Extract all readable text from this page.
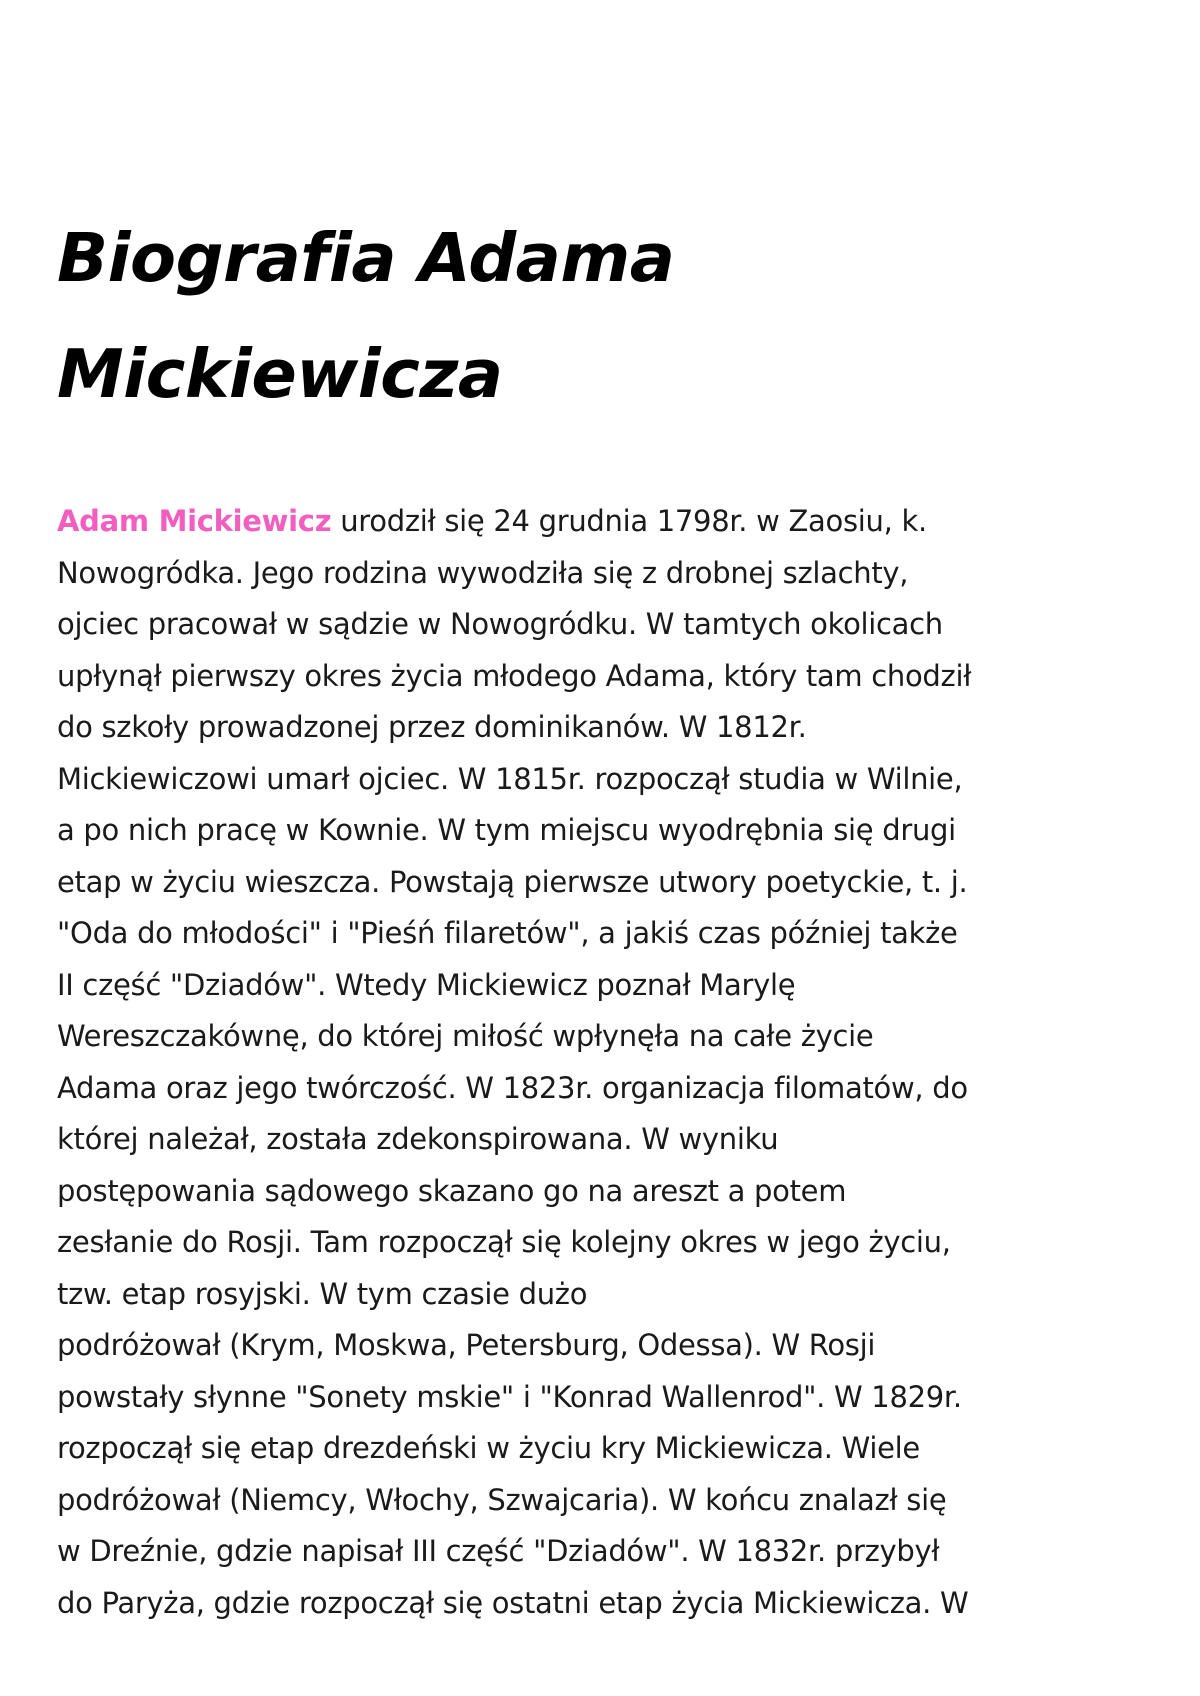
Biografia Adama
Mickiewicza
Adam Mickiewicz urodził się 24 grudnia 1798r. w Zaosiu, k.
Nowogródka. Jego rodzina wywodziła się z drobnej szlachty,
ojciec pracował w sądzie w Nowogródku. W tamtych okolicach
upłynął pierwszy okres życia młodego Adama, który tam chodził
do szkoły prowadzonej przez dominikanów. W 1812r.
Mickiewiczowi umarł ojciec. W 1815r. rozpoczął studia w Wilnie,
a po nich pracę w Kownie. W tym miejscu wyodrębnia się drugi
etap w życiu wieszcza. Powstają pierwsze utwory poetyckie, t. j.
"Oda do młodości" i "Pieśń filaretów", a jakiś czas później także
II część "Dziadów". Wtedy Mickiewicz poznał Marylę
Wereszczakównę, do której miłość wpłynęła na całe życie
Adama oraz jego twórczość. W 1823r. organizacja filomatów, do
której należał, została zdekonspirowana. W wyniku
postępowania sądowego skazano go na areszt a potem
zesłanie do Rosji. Tam rozpoczął się kolejny okres w jego życiu,
tzw. etap rosyjski. W tym czasie dużo
podróżował (Krym, Moskwa, Petersburg, Odessa). W Rosji
powstały słynne "Sonety mskie" i "Konrad Wallenrod". W 1829r.
rozpoczął się etap drezdeński w życiu kry Mickiewicza. Wiele
podróżował (Niemcy, Włochy, Szwajcaria). W końcu znalazł się
w Dreźnie, gdzie napisał III część "Dziadów". W 1832r. przybył
do Paryża, gdzie rozpoczął się ostatni etap życia Mickiewicza. W
